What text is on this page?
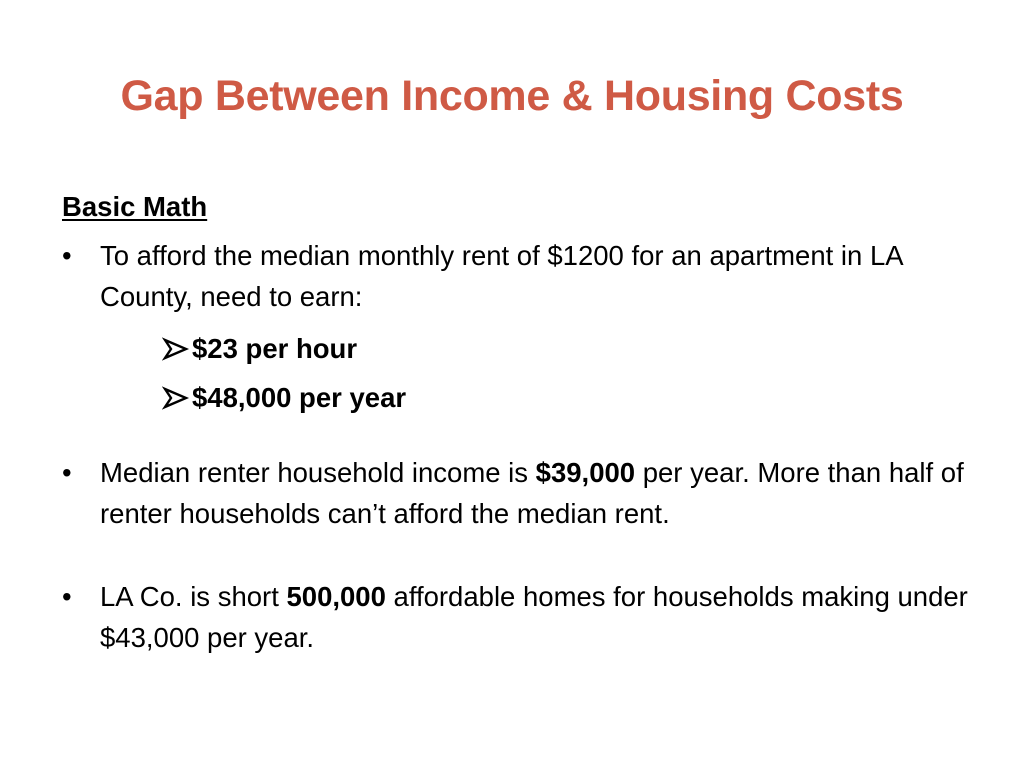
Gap Between Income & Housing Costs
Basic Math
•	To afford the median monthly rent of $1200 for an apartment in LA County, need to earn:
$23 per hour
$48,000 per year
•	Median renter household income is $39,000 per year. More than half of renter households can’t afford the median rent.
•	LA Co. is short 500,000 affordable homes for households making under $43,000 per year.
